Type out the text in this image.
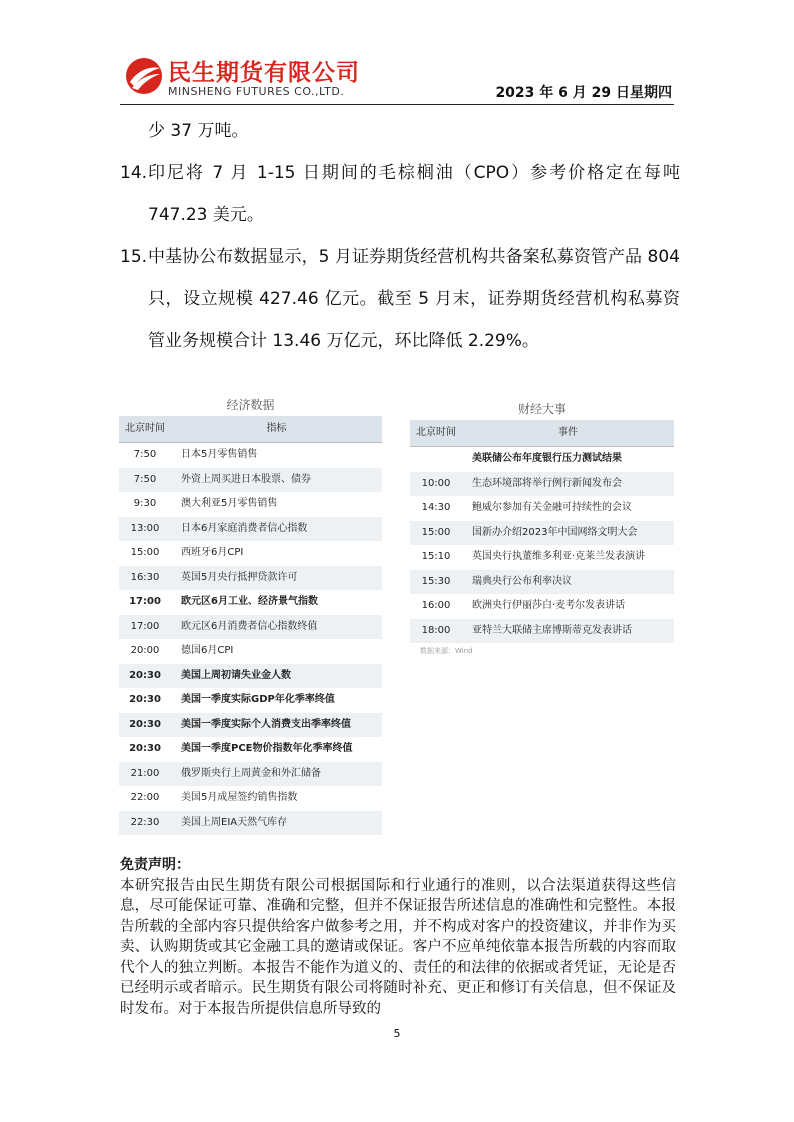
民生期货有限公司
MINSHENG FUTURES CO.,LTD.	2023 年 6 月 29 日星期四
少 37 万吨。
14. 印尼将 7 月 1-15 日期间的毛棕榈油（CPO）参考价格定在每吨 747.23 美元。
15. 中基协公布数据显示，5 月证券期货经营机构共备案私募资管产品 804 只，设立规模 427.46 亿元。截至 5 月末，证券期货经营机构私募资管业务规模合计 13.46 万亿元，环比降低 2.29%。
经济数据
北京时间	指标
7:50	日本5月零售销售
7:50	外资上周买进日本股票、债券
9:30	澳大利亚5月零售销售
13:00	日本6月家庭消费者信心指数
15:00	西班牙6月CPI
16:30	英国5月央行抵押贷款许可
17:00	欧元区6月工业、经济景气指数
17:00	欧元区6月消费者信心指数终值
20:00	德国6月CPI
20:30	美国上周初请失业金人数
20:30	美国一季度实际GDP年化季率终值
20:30	美国一季度实际个人消费支出季率终值
20:30	美国一季度PCE物价指数年化季率终值
21:00	俄罗斯央行上周黄金和外汇储备
22:00	美国5月成屋签约销售指数
22:30	美国上周EIA天然气库存
财经大事
北京时间	事件
美联储公布年度银行压力测试结果
10:00	生态环境部将举行例行新闻发布会
14:30	鲍威尔参加有关金融可持续性的会议
15:00	国新办介绍2023年中国网络文明大会
15:10	英国央行执董维多利亚·克莱兰发表演讲
15:30	瑞典央行公布利率决议
16:00	欧洲央行伊丽莎白·麦考尔发表讲话
18:00	亚特兰大联储主席博斯蒂克发表讲话
数据来源：Wind
免责声明：
本研究报告由民生期货有限公司根据国际和行业通行的准则，以合法渠道获得这些信息，尽可能保证可靠、准确和完整，但并不保证报告所述信息的准确性和完整性。本报告所载的全部内容只提供给客户做参考之用，并不构成对客户的投资建议，并非作为买卖、认购期货或其它金融工具的邀请或保证。客户不应单纯依靠本报告所载的内容而取代个人的独立判断。本报告不能作为道义的、责任的和法律的依据或者凭证，无论是否已经明示或者暗示。民生期货有限公司将随时补充、更正和修订有关信息，但不保证及时发布。对于本报告所提供信息所导致的
5
